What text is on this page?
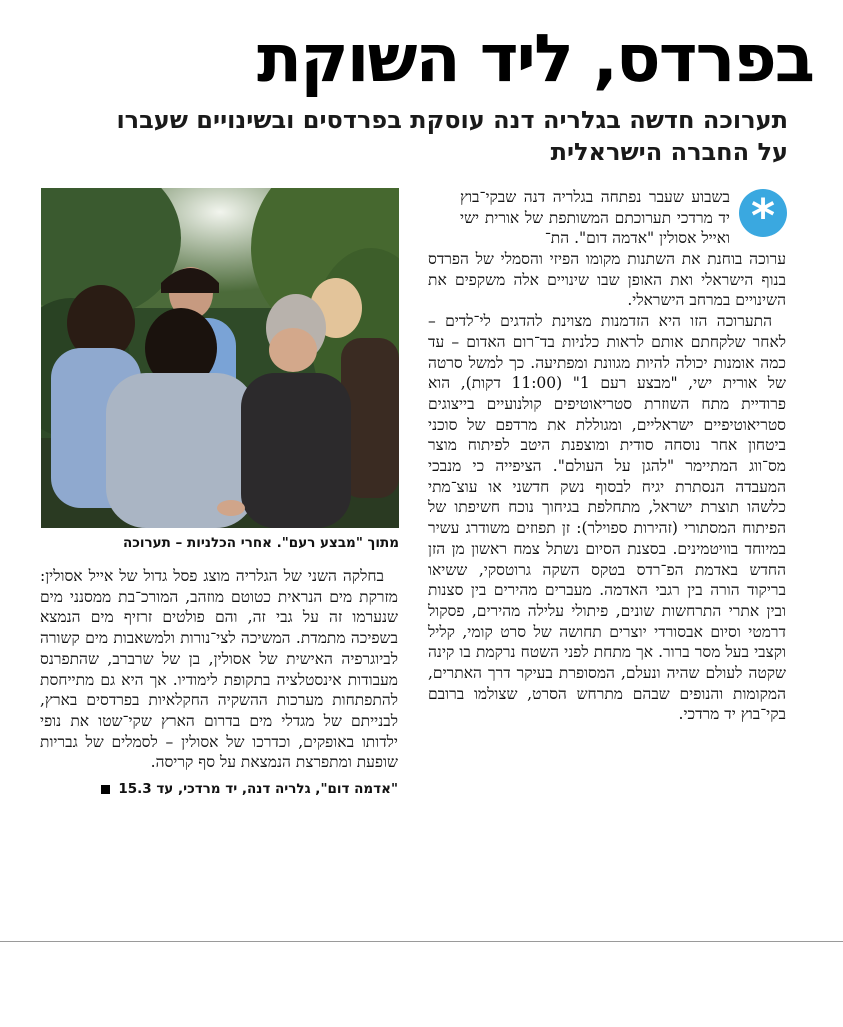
בפרדס, ליד השוקת
תערוכה חדשה בגלריה דנה עוסקת בפרדסים ובשינויים שעברו על החברה הישראלית
*

בשבוע שעבר נפתחה בגלריה דנה שבקי־בוץ יד מרדכי תערוכתם המשותפת של אורית ישי ואייל אסולין "אדמה דום". הת־

ערוכה בוחנת את השתנות מקומו הפיזי והסמלי של הפרדס בנוף הישראלי ואת האופן שבו שינויים אלה משקפים את השינויים במרחב הישראלי.

התערוכה הזו היא הזדמנות מצוינת להדגים לי־לדים – לאחר שלקחתם אותם לראות כלניות בד־רום האדום – עד כמה אומנות יכולה להיות מגוונת ומפתיעה. כך למשל סרטה של אורית ישי, "מבצע רעם 1" (11:00 דקות), הוא פרודיית מתח השוזרת סטריאוטיפים קולנועיים בייצוגים סטריאוטיפיים ישראליים, ומגוללת את מרדפם של סוכני ביטחון אחר נוסחה סודית ומוצפנת היטב לפיתוח מוצר מס־ווג המתיימר "להגן על העולם". הציפייה כי מנבכי המעבדה הנסתרת יגיח לבסוף נשק חדשני או עוצ־מתי כלשהו תוצרת ישראל, מתחלפת בגיחוך נוכח חשיפתו של הפיתוח המסתורי (זהירות ספוילר): זן תפוזים משודרג עשיר במיוחד בוויטמינים. בסצנת הסיום נשתל צמח ראשון מן הזן החדש באדמת הפ־רדס בטקס השקה גרוטסקי, ששיאו בריקוד הורה בין רגבי האדמה. מעברים מהירים בין סצנות ובין אתרי התרחשות שונים, פיתולי עלילה מהירים, פסקול דרמטי וסיום אבסורדי יוצרים תחושה של סרט קומי, קליל וקצבי בעל מסר ברור. אך מתחת לפני השטח נרקמת בו קינה שקטה לעולם שהיה ונעלם, המסופרת בעיקר דרך האתרים, המקומות והנופים שבהם מתרחש הסרט, שצולמו ברובם בקי־בוץ יד מרדכי.

מתוך "מבצע רעם". אחרי הכלניות – תערוכה

בחלקה השני של הגלריה מוצג פסל גדול של אייל אסולין: מזרקת מים הנראית כטוטם מוזהב, המורכ־בת ממסנני מים שנערמו זה על גבי זה, והם פולטים זרזיף מים הנמצא בשפיכה מתמדת. המשיכה לצי־נורות ולמשאבות מים קשורה לביוגרפיה האישית של אסולין, בן של שרברב, שהתפרנס מעבודות אינסטלציה בתקופת לימודיו. אך היא גם מתייחסת להתפתחות מערכות ההשקיה החקלאיות בפרדסים בארץ, לבנייתם של מגדלי מים בדרום הארץ שקי־שטו את נופי ילדותו באופקים, וכדרכו של אסולין – לסמלים של גבריות שופעת ומתפרצת הנמצאת על סף קריסה.

"אדמה דום", גלריה דנה, יד מרדכי, עד 15.3
